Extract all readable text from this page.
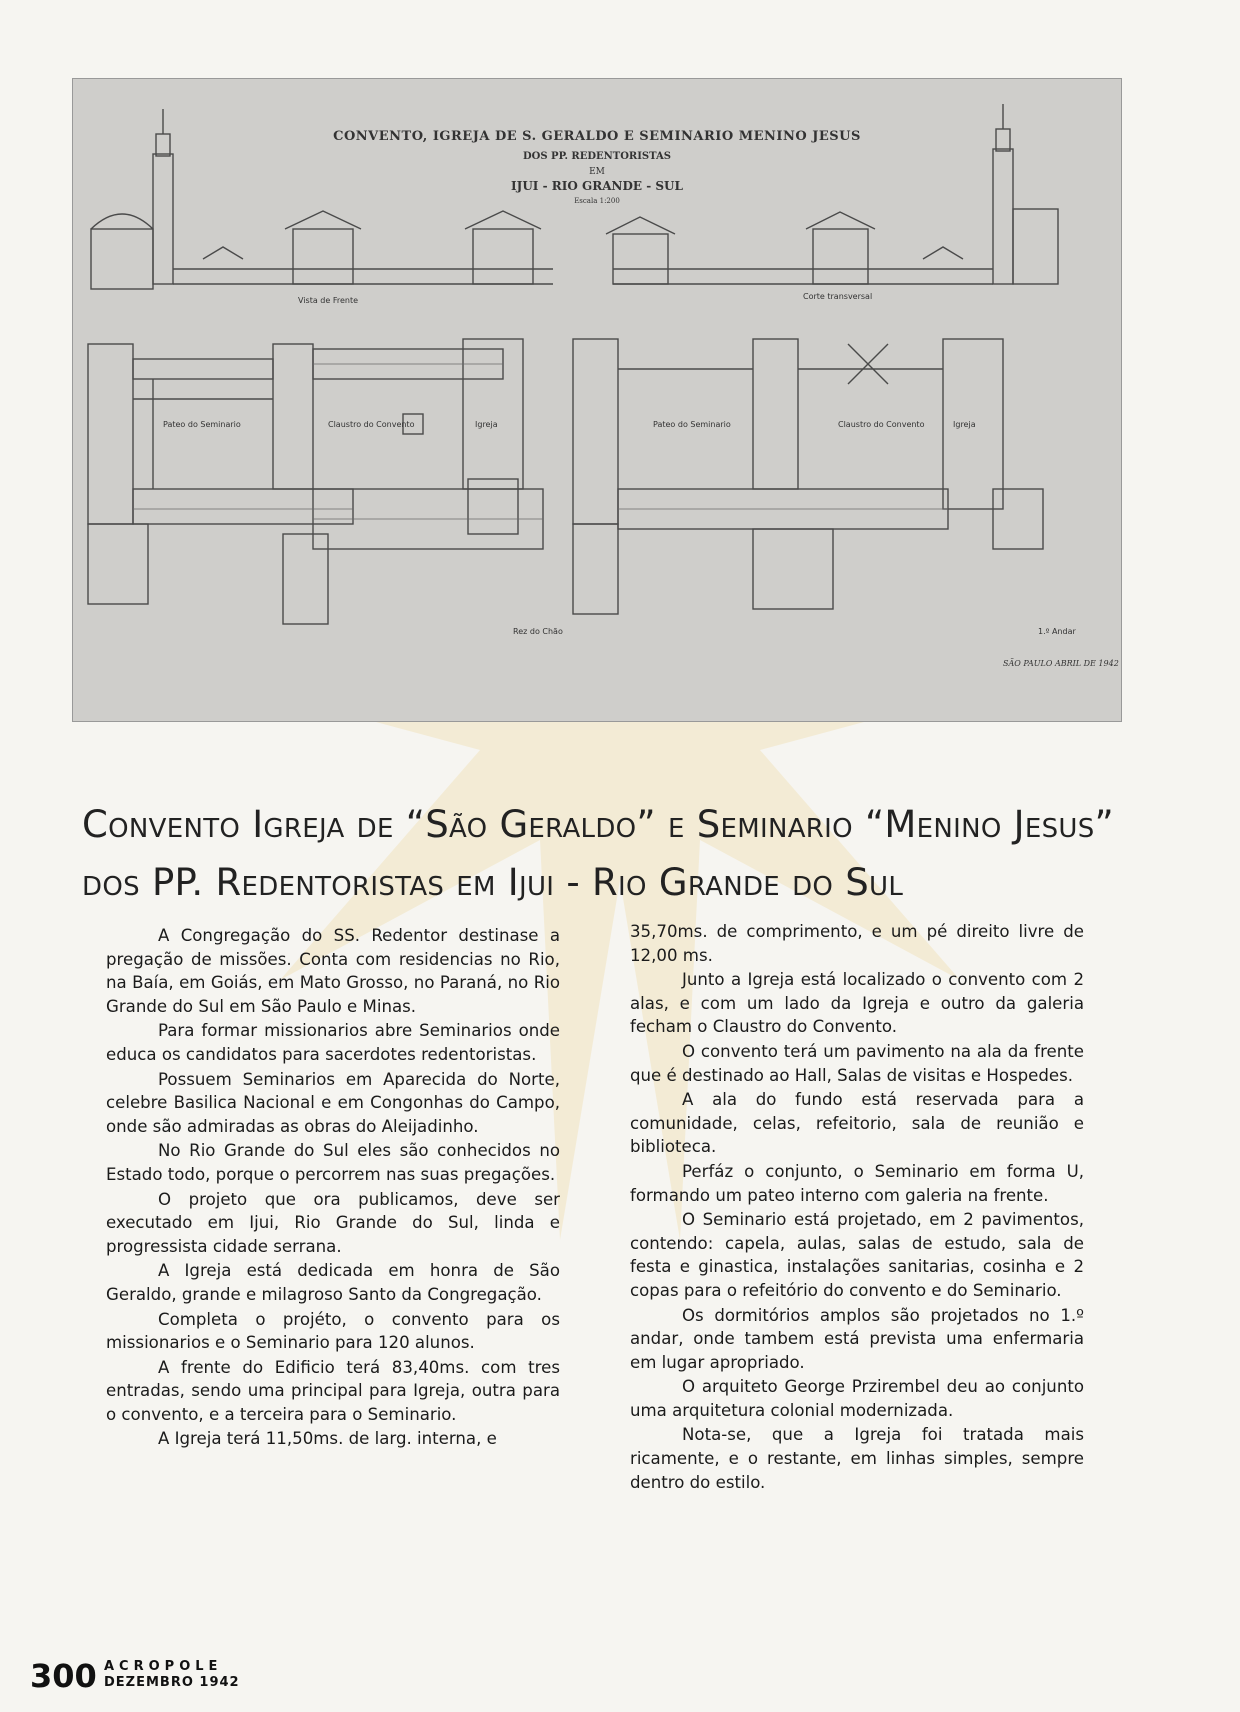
CONVENTO, IGREJA DE S. GERALDO E SEMINARIO MENINO JESUS
DOS PP. REDENTORISTAS
EM
IJUI - RIO GRANDE - SUL
Escala 1:200
Vista de Frente	Corte transversal
Pateo do Seminario	Claustro do Convento	Igreja	Pateo do Seminario	Claustro do Convento	Igreja
Rez do Chão	1.º Andar
SÃO PAULO ABRIL DE 1942
Convento Igreja de “São Geraldo” e Seminario “Menino Jesus” dos PP. Redentoristas em Ijui - Rio Grande do Sul

A Congregação do SS. Redentor destinase a pregação de missões. Conta com residencias no Rio, na Baía, em Goiás, em Mato Grosso, no Paraná, no Rio Grande do Sul em São Paulo e Minas.

Para formar missionarios abre Seminarios onde educa os candidatos para sacerdotes redentoristas.

Possuem Seminarios em Aparecida do Norte, celebre Basilica Nacional e em Congonhas do Campo, onde são admiradas as obras do Aleijadinho.

No Rio Grande do Sul eles são conhecidos no Estado todo, porque o percorrem nas suas pregações.

O projeto que ora publicamos, deve ser executado em Ijui, Rio Grande do Sul, linda e progressista cidade serrana.

A Igreja está dedicada em honra de São Geraldo, grande e milagroso Santo da Congregação.

Completa o projéto, o convento para os missionarios e o Seminario para 120 alunos.

A frente do Edificio terá 83,40ms. com tres entradas, sendo uma principal para Igreja, outra para o convento, e a terceira para o Seminario.

A Igreja terá 11,50ms. de larg. interna, e

35,70ms. de comprimento, e um pé direito livre de 12,00 ms.

Junto a Igreja está localizado o convento com 2 alas, e com um lado da Igreja e outro da galeria fecham o Claustro do Convento.

O convento terá um pavimento na ala da frente que é destinado ao Hall, Salas de visitas e Hospedes.

A ala do fundo está reservada para a comunidade, celas, refeitorio, sala de reunião e biblioteca.

Perfáz o conjunto, o Seminario em forma U, formando um pateo interno com galeria na frente.

O Seminario está projetado, em 2 pavimentos, contendo: capela, aulas, salas de estudo, sala de festa e ginastica, instalações sanitarias, cosinha e 2 copas para o refeitório do convento e do Seminario.

Os dormitórios amplos são projetados no 1.º andar, onde tambem está prevista uma enfermaria em lugar apropriado.

O arquiteto George Przirembel deu ao conjunto uma arquitetura colonial modernizada.

Nota-se, que a Igreja foi tratada mais ricamente, e o restante, em linhas simples, sempre dentro do estilo.

300 ACROPOLE
DEZEMBRO 1942
